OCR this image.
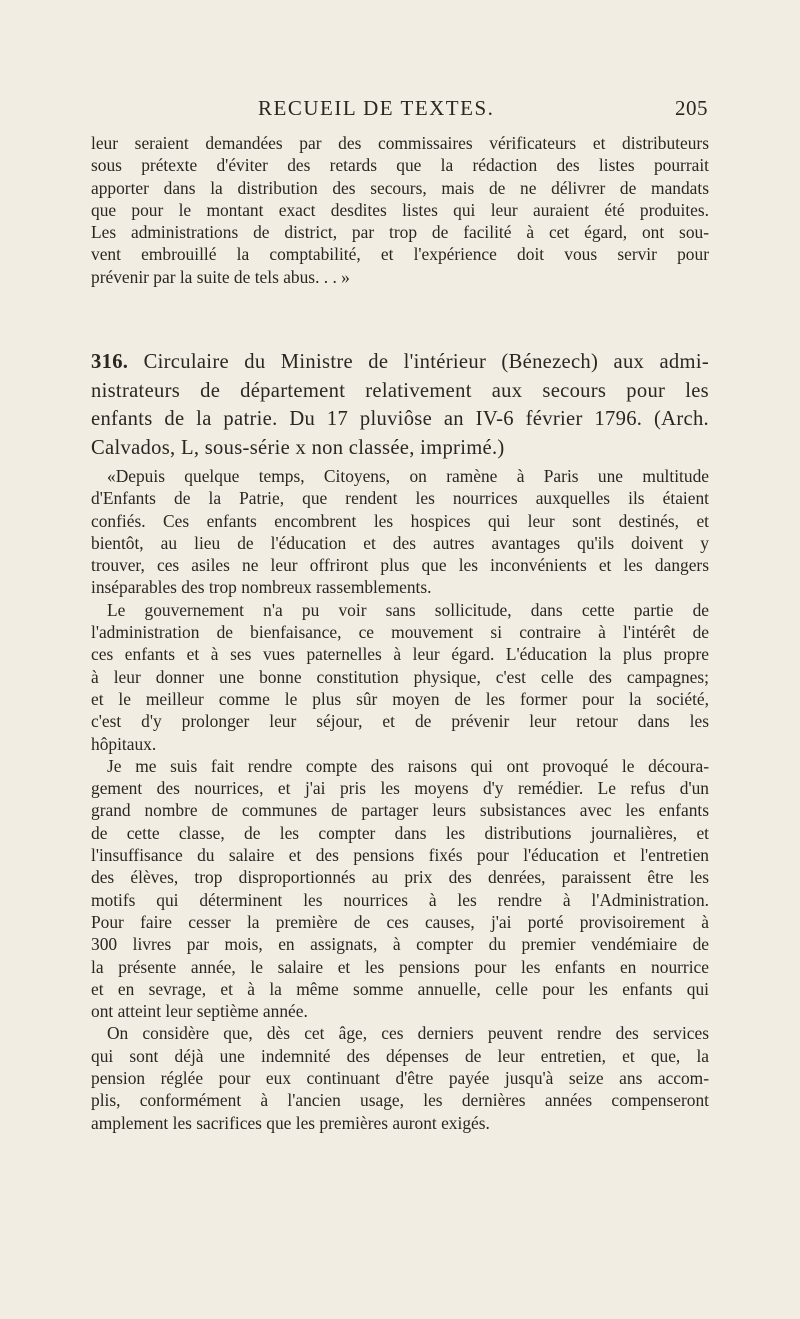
RECUEIL DE TEXTES.	205
leur seraient demandées par des commissaires vérificateurs et distributeurs
sous prétexte d'éviter des retards que la rédaction des listes pourrait
apporter dans la distribution des secours, mais de ne délivrer de mandats
que pour le montant exact desdites listes qui leur auraient été produites.
Les administrations de district, par trop de facilité à cet égard, ont sou-
vent embrouillé la comptabilité, et l'expérience doit vous servir pour
prévenir par la suite de tels abus. . . »
316. Circulaire du Ministre de l'intérieur (Bénezech) aux admi-
nistrateurs de département relativement aux secours pour les
enfants de la patrie. Du 17 pluviôse an IV-6 février 1796. (Arch.
Calvados, L, sous-série x non classée, imprimé.)
«Depuis quelque temps, Citoyens, on ramène à Paris une multitude
d'Enfants de la Patrie, que rendent les nourrices auxquelles ils étaient
confiés. Ces enfants encombrent les hospices qui leur sont destinés, et
bientôt, au lieu de l'éducation et des autres avantages qu'ils doivent y
trouver, ces asiles ne leur offriront plus que les inconvénients et les dangers
inséparables des trop nombreux rassemblements.
Le gouvernement n'a pu voir sans sollicitude, dans cette partie de
l'administration de bienfaisance, ce mouvement si contraire à l'intérêt de
ces enfants et à ses vues paternelles à leur égard. L'éducation la plus propre
à leur donner une bonne constitution physique, c'est celle des campagnes;
et le meilleur comme le plus sûr moyen de les former pour la société,
c'est d'y prolonger leur séjour, et de prévenir leur retour dans les
hôpitaux.
Je me suis fait rendre compte des raisons qui ont provoqué le découra-
gement des nourrices, et j'ai pris les moyens d'y remédier. Le refus d'un
grand nombre de communes de partager leurs subsistances avec les enfants
de cette classe, de les compter dans les distributions journalières, et
l'insuffisance du salaire et des pensions fixés pour l'éducation et l'entretien
des élèves, trop disproportionnés au prix des denrées, paraissent être les
motifs qui déterminent les nourrices à les rendre à l'Administration.
Pour faire cesser la première de ces causes, j'ai porté provisoirement à
300 livres par mois, en assignats, à compter du premier vendémiaire de
la présente année, le salaire et les pensions pour les enfants en nourrice
et en sevrage, et à la même somme annuelle, celle pour les enfants qui
ont atteint leur septième année.
On considère que, dès cet âge, ces derniers peuvent rendre des services
qui sont déjà une indemnité des dépenses de leur entretien, et que, la
pension réglée pour eux continuant d'être payée jusqu'à seize ans accom-
plis, conformément à l'ancien usage, les dernières années compenseront
amplement les sacrifices que les premières auront exigés.
